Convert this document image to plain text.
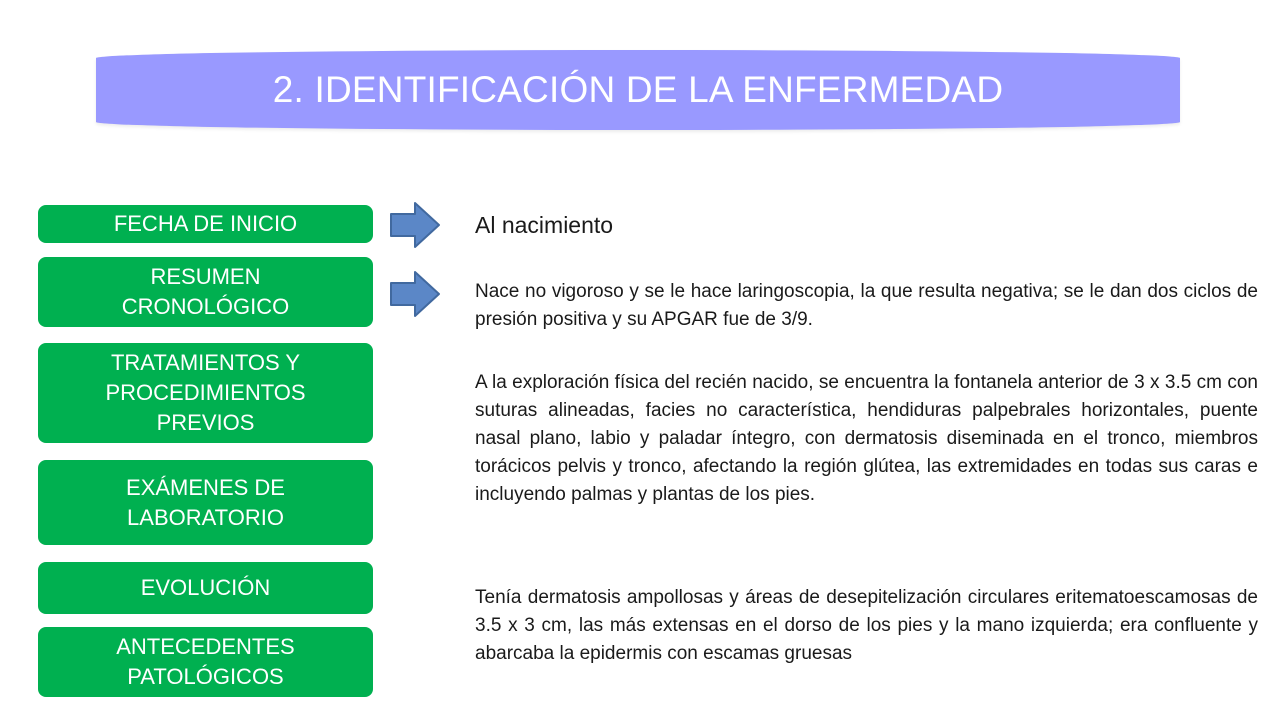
2. IDENTIFICACIÓN DE LA ENFERMEDAD
FECHA DE INICIO
RESUMEN
CRONOLÓGICO
TRATAMIENTOS Y
PROCEDIMIENTOS
PREVIOS
EXÁMENES DE
LABORATORIO
EVOLUCIÓN
ANTECEDENTES
PATOLÓGICOS
Al nacimiento
Nace no vigoroso y se le hace laringoscopia, la que resulta negativa; se le dan dos ciclos de presión positiva y su APGAR fue de 3/9.
A la exploración física del recién nacido, se encuentra la fontanela anterior de 3 x 3.5 cm con suturas alineadas, facies no característica, hendiduras palpebrales horizontales, puente nasal plano, labio y paladar íntegro, con dermatosis diseminada en el tronco, miembros torácicos pelvis y tronco, afectando la región glútea, las extremidades en todas sus caras e incluyendo palmas y plantas de los pies.
Tenía dermatosis ampollosas y áreas de desepitelización circulares eritematoescamosas de 3.5 x 3 cm, las más extensas en el dorso de los pies y la mano izquierda; era confluente y abarcaba la epidermis con escamas gruesas
